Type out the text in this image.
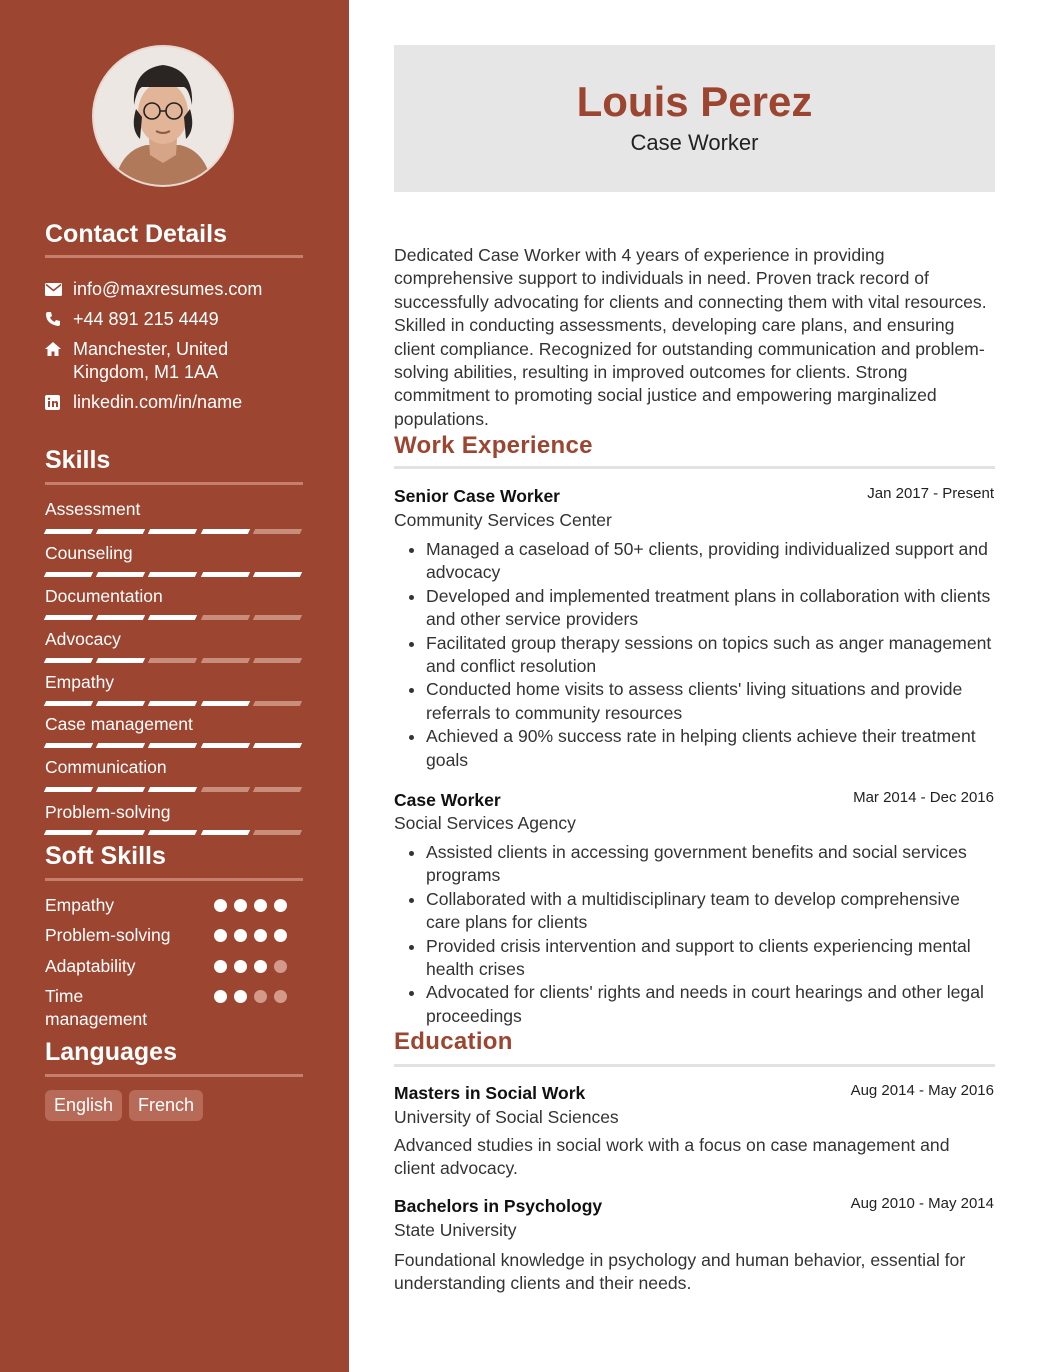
Contact Details
info@maxresumes.com
+44 891 215 4449
Manchester, United Kingdom, M1 1AA
linkedin.com/in/name
Skills
Assessment
Counseling
Documentation
Advocacy
Empathy
Case management
Communication
Problem-solving
Soft Skills
Empathy
Problem-solving
Adaptability
Time management
Languages
English	French
Louis Perez
Case Worker

Dedicated Case Worker with 4 years of experience in providing comprehensive support to individuals in need. Proven track record of successfully advocating for clients and connecting them with vital resources. Skilled in conducting assessments, developing care plans, and ensuring client compliance. Recognized for outstanding communication and problem-solving abilities, resulting in improved outcomes for clients. Strong commitment to promoting social justice and empowering marginalized populations.

Work Experience
Senior Case Worker	Jan 2017 - Present
Community Services Center
• Managed a caseload of 50+ clients, providing individualized support and advocacy
• Developed and implemented treatment plans in collaboration with clients and other service providers
• Facilitated group therapy sessions on topics such as anger management and conflict resolution
• Conducted home visits to assess clients' living situations and provide referrals to community resources
• Achieved a 90% success rate in helping clients achieve their treatment goals
Case Worker	Mar 2014 - Dec 2016
Social Services Agency
• Assisted clients in accessing government benefits and social services programs
• Collaborated with a multidisciplinary team to develop comprehensive care plans for clients
• Provided crisis intervention and support to clients experiencing mental health crises
• Advocated for clients' rights and needs in court hearings and other legal proceedings
Education
Masters in Social Work	Aug 2014 - May 2016
University of Social Sciences

Advanced studies in social work with a focus on case management and client advocacy.

Bachelors in Psychology	Aug 2010 - May 2014
State University

Foundational knowledge in psychology and human behavior, essential for understanding clients and their needs.
